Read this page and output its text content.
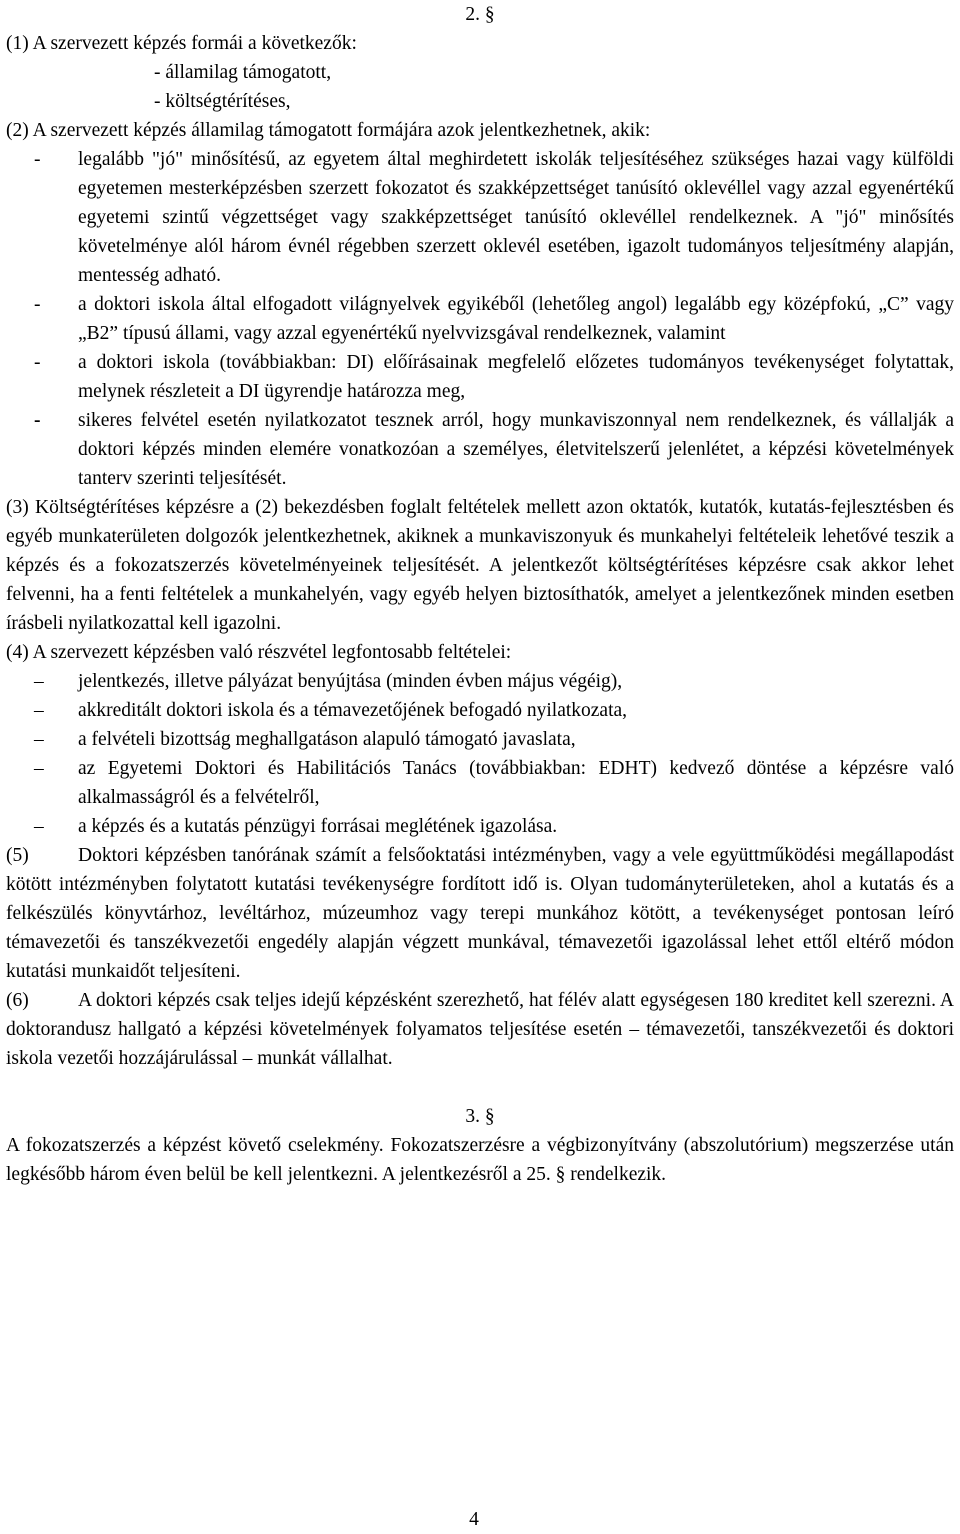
2. §
(1) A szervezett képzés formái a következők:
- államilag támogatott,
- költségtérítéses,
(2) A szervezett képzés államilag támogatott formájára azok jelentkezhetnek, akik:
- legalább "jó" minősítésű, az egyetem által meghirdetett iskolák teljesítéséhez szükséges hazai vagy külföldi egyetemen mesterképzésben szerzett fokozatot és szakképzettséget tanúsító oklevéllel vagy azzal egyenértékű egyetemi szintű végzettséget vagy szakképzettséget tanúsító oklevéllel rendelkeznek. A "jó" minősítés követelménye alól három évnél régebben szerzett oklevél esetében, igazolt tudományos teljesítmény alapján, mentesség adható.
- a doktori iskola által elfogadott világnyelvek egyikéből (lehetőleg angol) legalább egy középfokú, „C” vagy „B2” típusú állami, vagy azzal egyenértékű nyelvvizsgával rendelkeznek, valamint
- a doktori iskola (továbbiakban: DI) előírásainak megfelelő előzetes tudományos tevékenységet folytattak, melynek részleteit a DI ügyrendje határozza meg,
- sikeres felvétel esetén nyilatkozatot tesznek arról, hogy munkaviszonnyal nem rendelkeznek, és vállalják a doktori képzés minden elemére vonatkozóan a személyes, életvitelszerű jelenlétet, a képzési követelmények tanterv szerinti teljesítését.
(3) Költségtérítéses képzésre a (2) bekezdésben foglalt feltételek mellett azon oktatók, kutatók, kutatás-fejlesztésben és egyéb munkaterületen dolgozók jelentkezhetnek, akiknek a munkaviszonyuk és munkahelyi feltételeik lehetővé teszik a képzés és a fokozatszerzés követelményeinek teljesítését. A jelentkezőt költségtérítéses képzésre csak akkor lehet felvenni, ha a fenti feltételek a munkahelyén, vagy egyéb helyen biztosíthatók, amelyet a jelentkezőnek minden esetben írásbeli nyilatkozattal kell igazolni.
(4) A szervezett képzésben való részvétel legfontosabb feltételei:
– jelentkezés, illetve pályázat benyújtása (minden évben május végéig),
– akkreditált doktori iskola és a témavezetőjének befogadó nyilatkozata,
– a felvételi bizottság meghallgatáson alapuló támogató javaslata,
– az Egyetemi Doktori és Habilitációs Tanács (továbbiakban: EDHT) kedvező döntése a képzésre való alkalmasságról és a felvételről,
– a képzés és a kutatás pénzügyi forrásai meglétének igazolása.
(5)	Doktori képzésben tanórának számít a felsőoktatási intézményben, vagy a vele együttműködési megállapodást kötött intézményben folytatott kutatási tevékenységre fordított idő is. Olyan tudományterületeken, ahol a kutatás és a felkészülés könyvtárhoz, levéltárhoz, múzeumhoz vagy terepi munkához kötött, a tevékenységet pontosan leíró témavezetői és tanszékvezetői engedély alapján végzett munkával, témavezetői igazolással lehet ettől eltérő módon kutatási munkaidőt teljesíteni.
(6)	A doktori képzés csak teljes idejű képzésként szerezhető, hat félév alatt egységesen 180 kreditet kell szerezni. A doktorandusz hallgató a képzési követelmények folyamatos teljesítése esetén – témavezetői, tanszékvezetői és doktori iskola vezetői hozzájárulással – munkát vállalhat.
3. §
A fokozatszerzés a képzést követő cselekmény. Fokozatszerzésre a végbizonyítvány (abszolutórium) megszerzése után legkésőbb három éven belül be kell jelentkezni. A jelentkezésről a 25. § rendelkezik.
4
